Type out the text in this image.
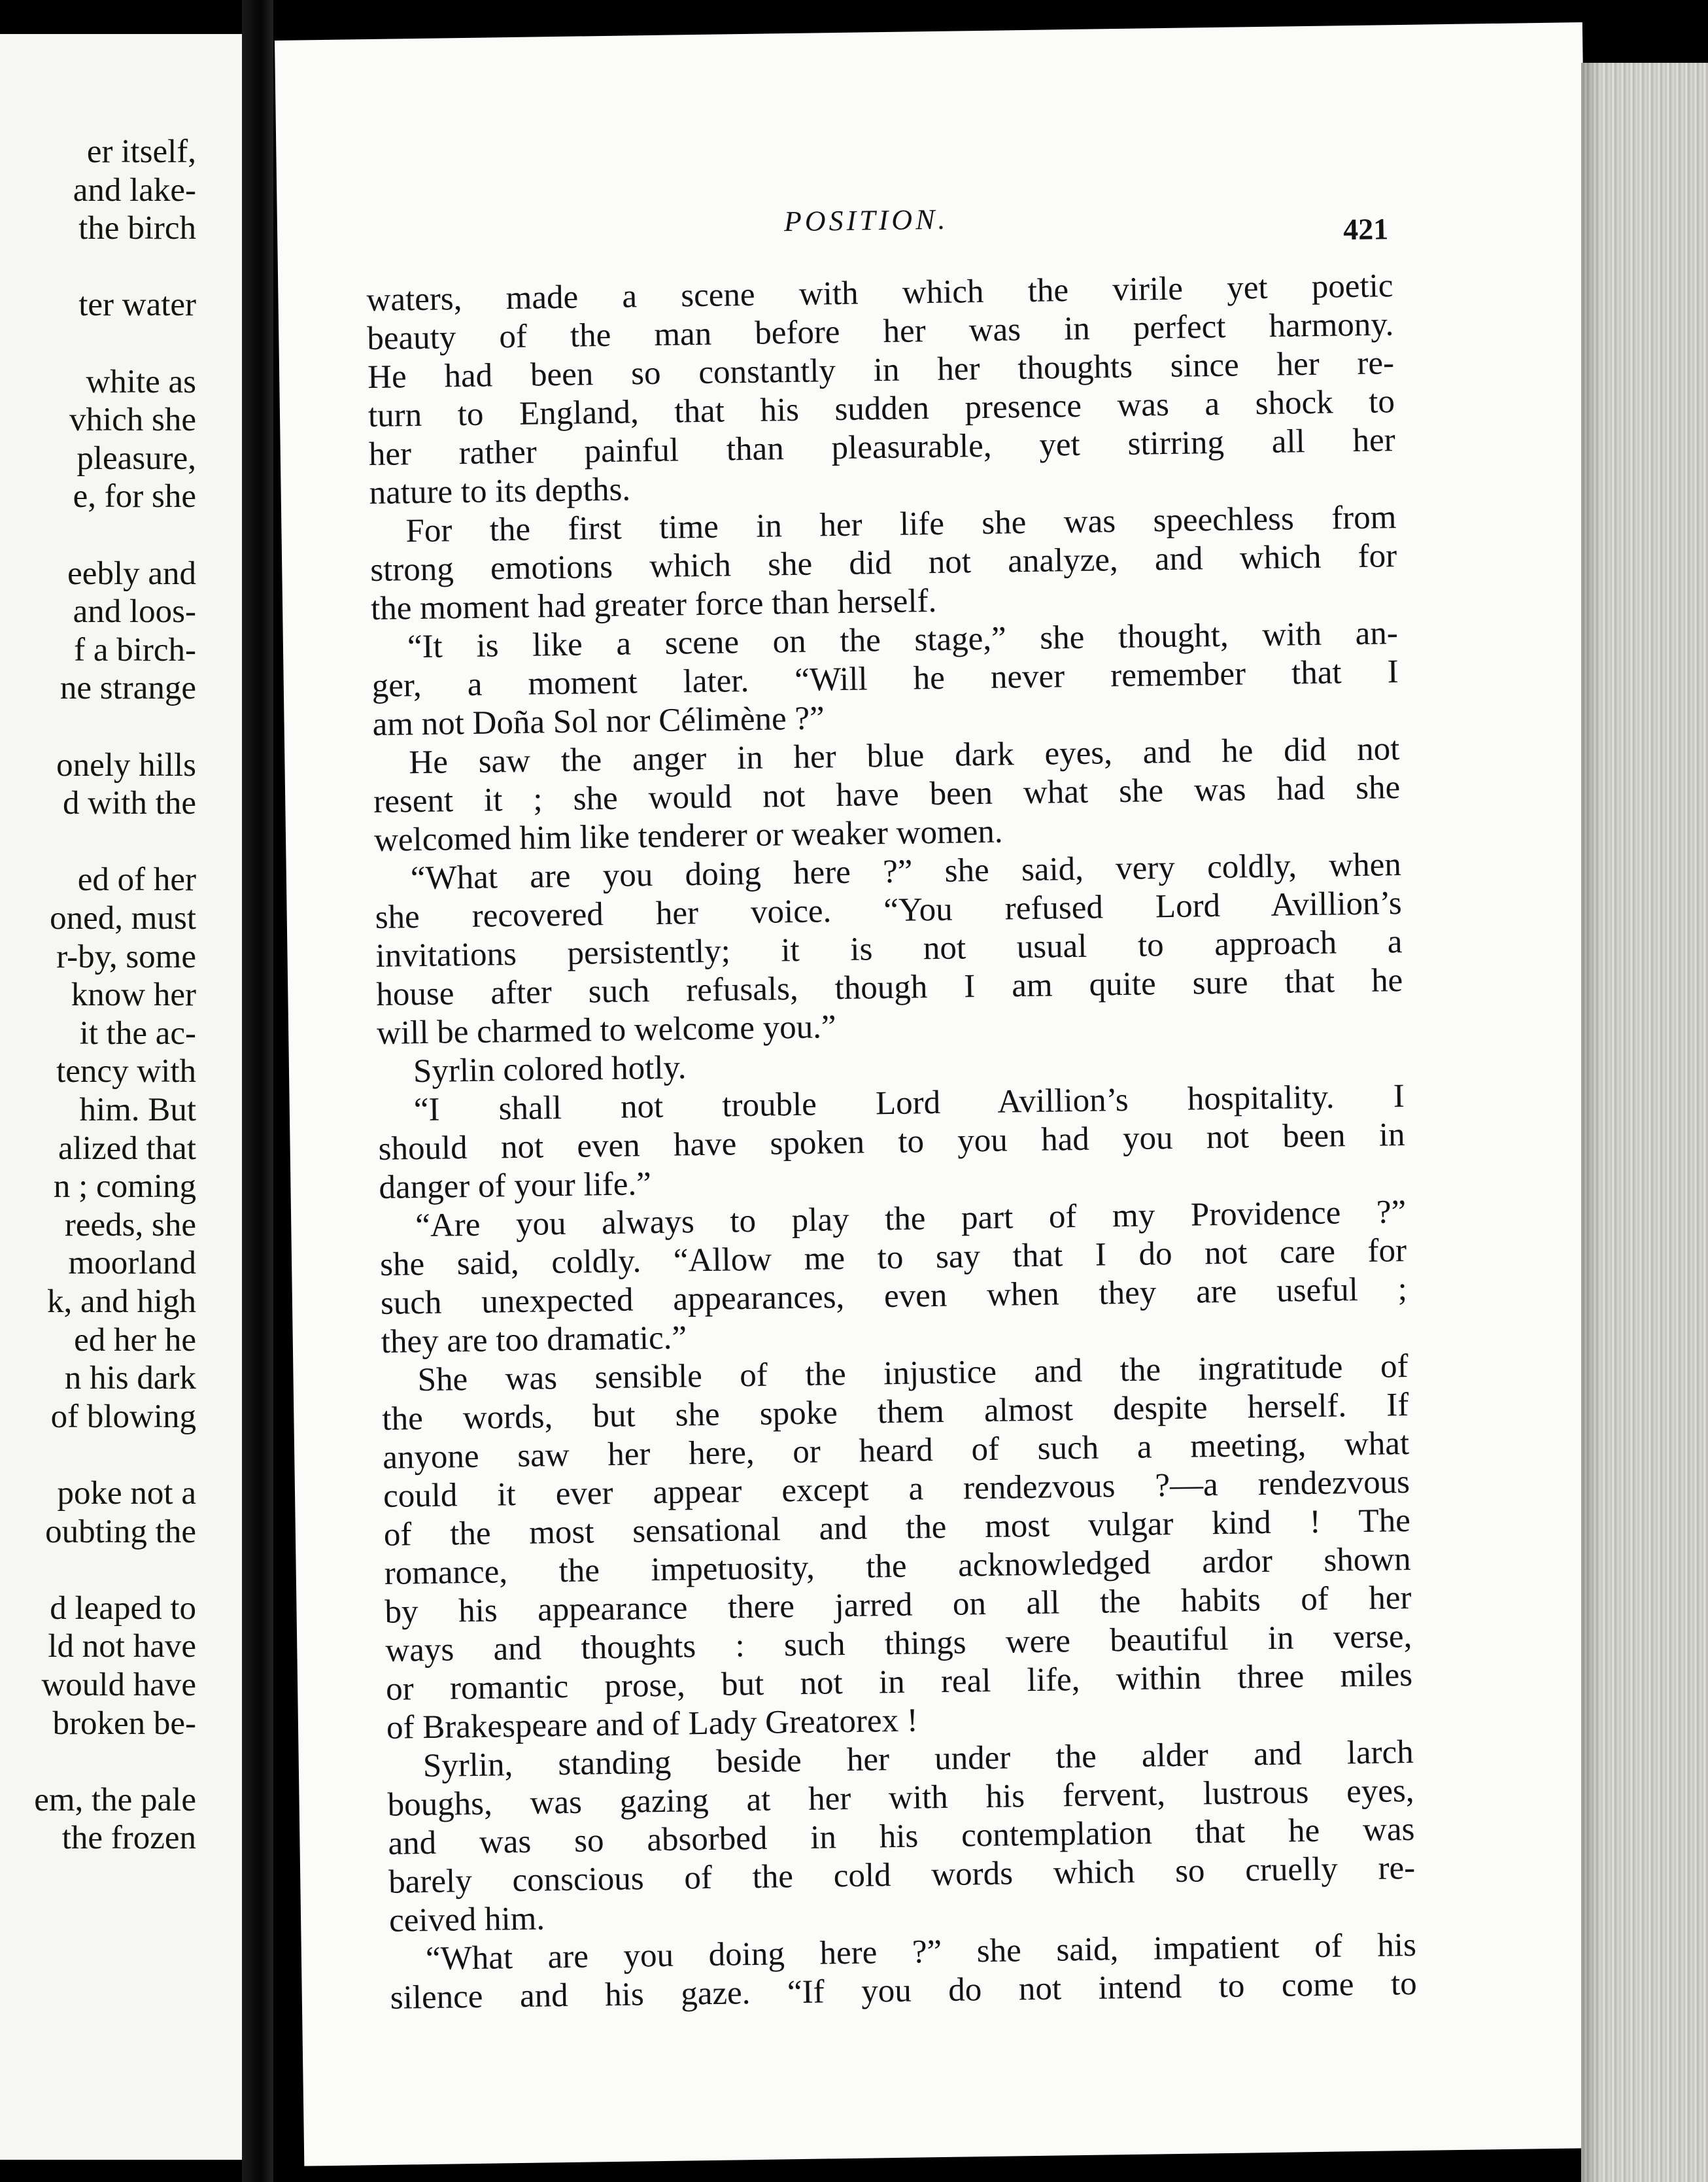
er itself,
and lake-
the birch
ter water
white as
vhich she
pleasure,
e, for she
eebly and
and loos-
f a birch-
ne strange
onely hills
d with the
ed of her
oned, must
r-by, some
know her
it the ac-
tency with
him. But
alized that
n ; coming
reeds, she
moorland
k, and high
ed her he
n his dark
of blowing
poke not a
oubting the
d leaped to
ld not have
would have
broken be-
em, the pale
the frozen
POSITION.	421
waters, made a scene with which the virile yet poetic
beauty of the man before her was in perfect harmony.
He had been so constantly in her thoughts since her re-
turn to England, that his sudden presence was a shock to
her rather painful than pleasurable, yet stirring all her
nature to its depths.
For the first time in her life she was speechless from
strong emotions which she did not analyze, and which for
the moment had greater force than herself.
“It is like a scene on the stage,” she thought, with an-
ger, a moment later. “Will he never remember that I
am not Doña Sol nor Célimène ?”
He saw the anger in her blue dark eyes, and he did not
resent it ; she would not have been what she was had she
welcomed him like tenderer or weaker women.
“What are you doing here ?” she said, very coldly, when
she recovered her voice. “You refused Lord Avillion’s
invitations persistently; it is not usual to approach a
house after such refusals, though I am quite sure that he
will be charmed to welcome you.”
Syrlin colored hotly.
“I shall not trouble Lord Avillion’s hospitality. I
should not even have spoken to you had you not been in
danger of your life.”
“Are you always to play the part of my Providence ?”
she said, coldly. “Allow me to say that I do not care for
such unexpected appearances, even when they are useful ;
they are too dramatic.”
She was sensible of the injustice and the ingratitude of
the words, but she spoke them almost despite herself. If
anyone saw her here, or heard of such a meeting, what
could it ever appear except a rendezvous ?—a rendezvous
of the most sensational and the most vulgar kind ! The
romance, the impetuosity, the acknowledged ardor shown
by his appearance there jarred on all the habits of her
ways and thoughts : such things were beautiful in verse,
or romantic prose, but not in real life, within three miles
of Brakespeare and of Lady Greatorex !
Syrlin, standing beside her under the alder and larch
boughs, was gazing at her with his fervent, lustrous eyes,
and was so absorbed in his contemplation that he was
barely conscious of the cold words which so cruelly re-
ceived him.
“What are you doing here ?” she said, impatient of his
silence and his gaze. “If you do not intend to come to
